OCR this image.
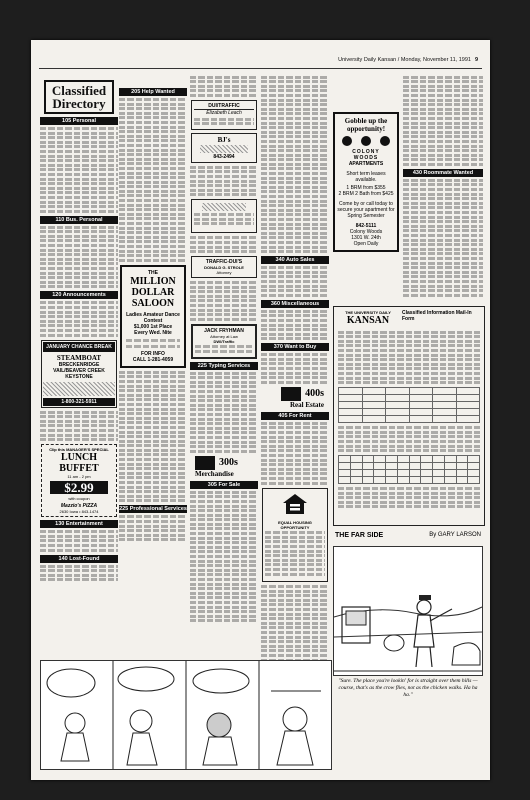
University Daily Kansan / Monday, November 11, 1991 9
Classified
Directory
105 Personal
110 Bus. Personal
120 Announcements
JANUARY CHANCE BREAK
STEAMBOAT
BRECKENRIDGE
VAIL/BEAVER CREEK
KEYSTONE
1-800-321-5911
Clip this MANAGER'S SPECIAL
LUNCH
BUFFET
11 am - 2 pm
$2.99
with coupon
Mazzio's PIZZA
2630 Iowa • 843-1474
130 Entertainment
140 Lost-Found
205 Help Wanted
THE
MILLION
DOLLAR
SALOON
Ladies Amateur Dance Contest
$1,000 1st Place
Every Wed. Nite
FOR INFO
CALL 1-281-4059
225 Professional Services
DUI/TRAFFIC
Elizabeth Leach
BJ's
843-2494
TRAFFIC-DUI'S
DONALD G. STROLE
Attorney
JACK FRYHMAN
Attorney at Law
DWI/Traffic
225 Typing Services
300s
Merchandise
305 For Sale
340 Auto Sales
360 Miscellaneous
370 Want to Buy
400s
Real Estate
405 For Rent
EQUAL HOUSING OPPORTUNITY
Gobble up the opportunity!
COLONY
WOODS
APARTMENTS
Short term leases available.
1 BRM from $355
2 BRM 2 Bath from $425
Come by or call today to secure your apartment for Spring Semester
842-5111
Colony Woods
1301 W. 24th
Open Daily
430 Roommate Wanted
THE UNIVERSITY DAILY
KANSAN
Classified Information Mail-In Form

THE FAR SIDE	By GARY LARSON
"Sure. The place you're lookin' for is straight over them hills — course, that's as the crow flies, not as the chicken walks. Ha ha ha."
